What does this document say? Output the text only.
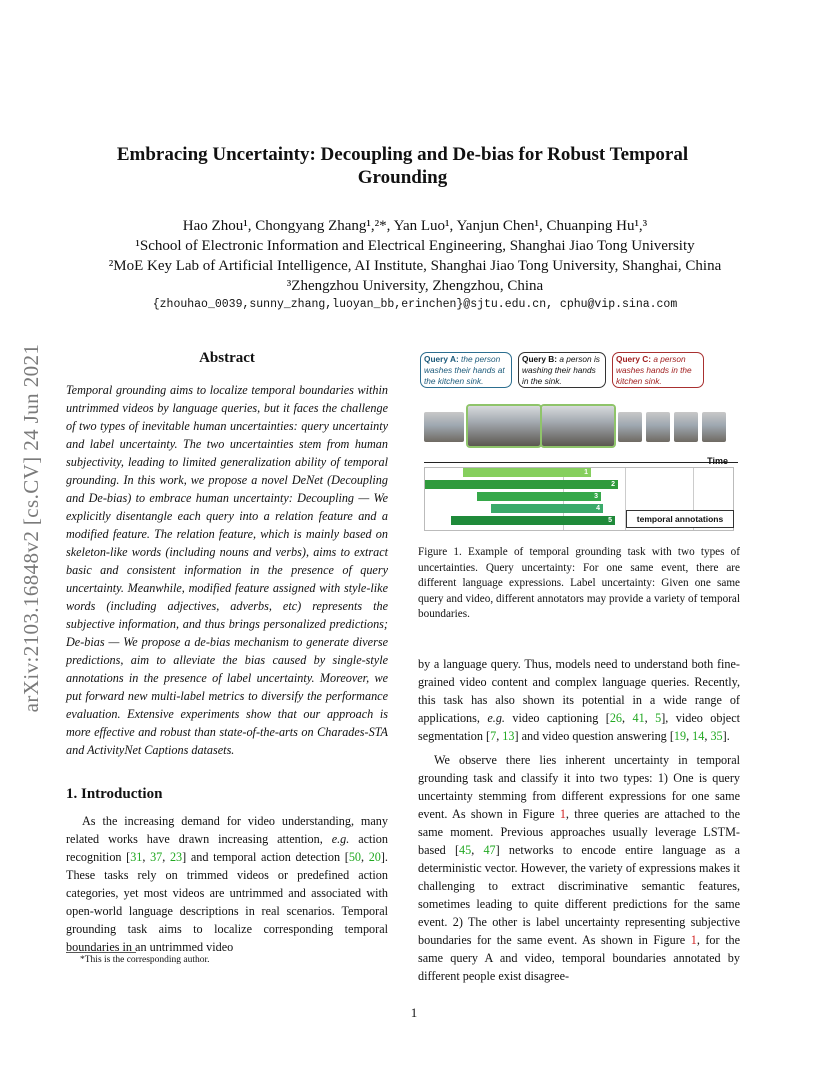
arXiv:2103.16848v2 [cs.CV] 24 Jun 2021
Embracing Uncertainty: Decoupling and De-bias for Robust Temporal
Grounding
Hao Zhou¹, Chongyang Zhang¹,²*, Yan Luo¹, Yanjun Chen¹, Chuanping Hu¹,³
¹School of Electronic Information and Electrical Engineering, Shanghai Jiao Tong University
²MoE Key Lab of Artificial Intelligence, AI Institute, Shanghai Jiao Tong University, Shanghai, China
³Zhengzhou University, Zhengzhou, China
{zhouhao_0039,sunny_zhang,luoyan_bb,erinchen}@sjtu.edu.cn, cphu@vip.sina.com
Abstract
Temporal grounding aims to localize temporal boundaries within untrimmed videos by language queries, but it faces the challenge of two types of inevitable human uncertainties: query uncertainty and label uncertainty. The two uncertainties stem from human subjectivity, leading to limited generalization ability of temporal grounding. In this work, we propose a novel DeNet (Decoupling and De-bias) to embrace human uncertainty: Decoupling — We explicitly disentangle each query into a relation feature and a modified feature. The relation feature, which is mainly based on skeleton-like words (including nouns and verbs), aims to extract basic and consistent information in the presence of query uncertainty. Meanwhile, modified feature assigned with style-like words (including adjectives, adverbs, etc) represents the subjective information, and thus brings personalized predictions; De-bias — We propose a de-bias mechanism to generate diverse predictions, aim to alleviate the bias caused by single-style annotations in the presence of label uncertainty. Moreover, we put forward new multi-label metrics to diversify the performance evaluation. Extensive experiments show that our approach is more effective and robust than state-of-the-arts on Charades-STA and ActivityNet Captions datasets.
1. Introduction

As the increasing demand for video understanding, many related works have drawn increasing attention, e.g. action recognition [31, 37, 23] and temporal action detection [50, 20]. These tasks rely on trimmed videos or predefined action categories, yet most videos are untrimmed and associated with open-world language descriptions in real scenarios. Temporal grounding task aims to localize corresponding temporal boundaries in an untrimmed video

*This is the corresponding author.
1
Query A: the person washes their hands at the kitchen sink.
Query B: a person is washing their hands in the sink.
Query C: a person washes hands in the kitchen sink.
Time
1
2
3
4
5	temporal annotations
Figure 1. Example of temporal grounding task with two types of uncertainties. Query uncertainty: For one same event, there are different language expressions. Label uncertainty: Given one same query and video, different annotators may provide a variety of temporal boundaries.

by a language query. Thus, models need to understand both fine-grained video content and complex language queries. Recently, this task has also shown its potential in a wide range of applications, e.g. video captioning [26, 41, 5], video object segmentation [7, 13] and video question answering [19, 14, 35].

We observe there lies inherent uncertainty in temporal grounding task and classify it into two types: 1) One is query uncertainty stemming from different expressions for one same event. As shown in Figure 1, three queries are attached to the same moment. Previous approaches usually leverage LSTM-based [45, 47] networks to encode entire language as a deterministic vector. However, the variety of expressions makes it challenging to extract discriminative semantic features, sometimes leading to quite different predictions for the same event. 2) The other is label uncertainty representing subjective boundaries for the same event. As shown in Figure 1, for the same query A and video, temporal boundaries annotated by different people exist disagree-
